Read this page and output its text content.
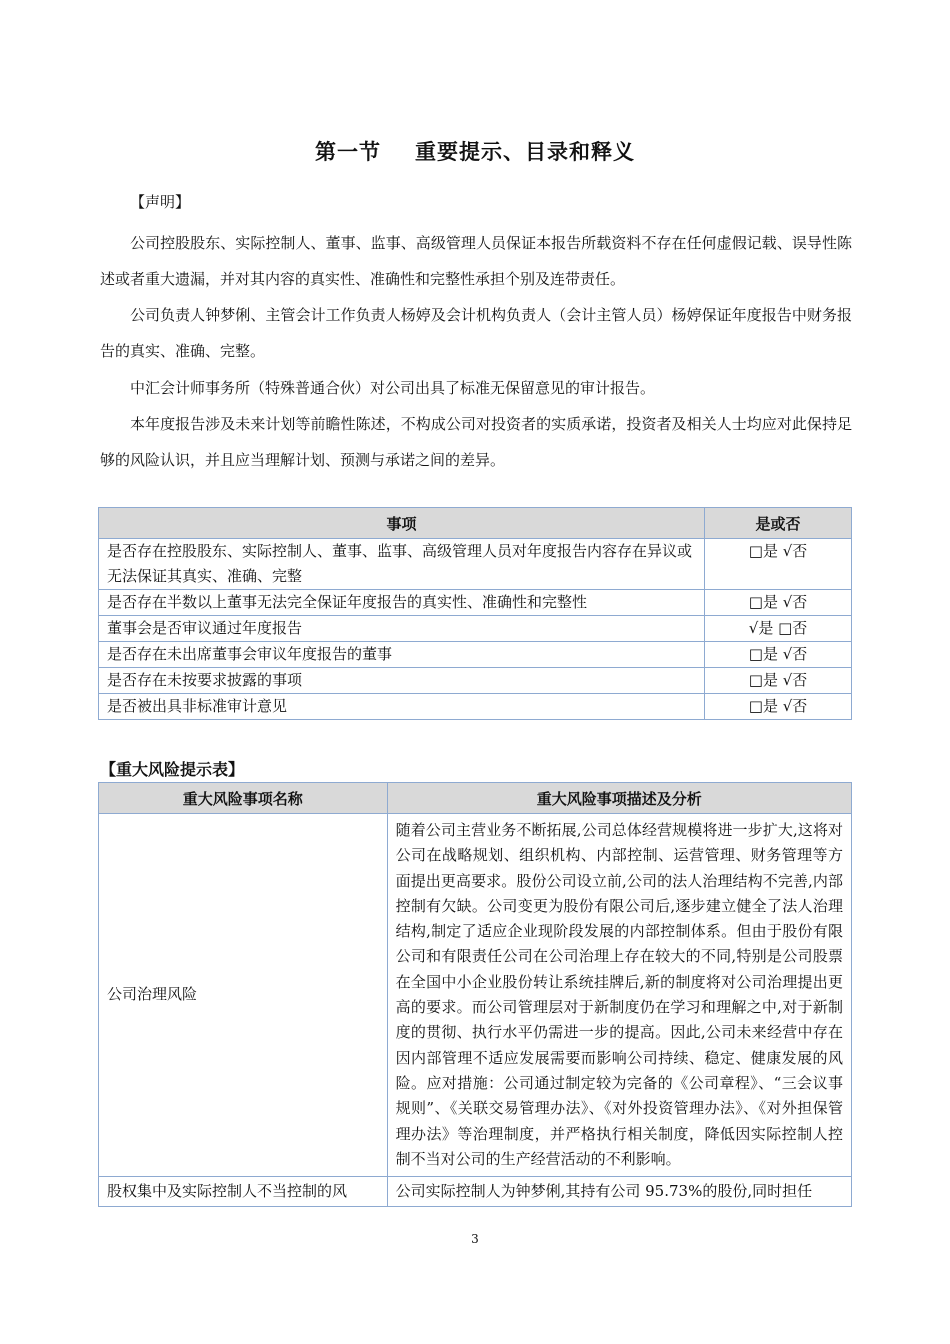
第一节 重要提示、目录和释义
【声明】
公司控股股东、实际控制人、董事、监事、高级管理人员保证本报告所载资料不存在任何虚假记载、误导性陈述或者重大遗漏，并对其内容的真实性、准确性和完整性承担个别及连带责任。
公司负责人钟梦俐、主管会计工作负责人杨婷及会计机构负责人（会计主管人员）杨婷保证年度报告中财务报告的真实、准确、完整。
中汇会计师事务所（特殊普通合伙）对公司出具了标准无保留意见的审计报告。
本年度报告涉及未来计划等前瞻性陈述，不构成公司对投资者的实质承诺，投资者及相关人士均应对此保持足够的风险认识，并且应当理解计划、预测与承诺之间的差异。
事项	是或否
是否存在控股股东、实际控制人、董事、监事、高级管理人员对年度报告内容存在异议或无法保证其真实、准确、完整	□是 √否
是否存在半数以上董事无法完全保证年度报告的真实性、准确性和完整性	□是 √否
董事会是否审议通过年度报告	√是 □否
是否存在未出席董事会审议年度报告的董事	□是 √否
是否存在未按要求披露的事项	□是 √否
是否被出具非标准审计意见	□是 √否
【重大风险提示表】
重大风险事项名称	重大风险事项描述及分析
公司治理风险	随着公司主营业务不断拓展,公司总体经营规模将进一步扩大,这将对公司在战略规划、组织机构、内部控制、运营管理、财务管理等方面提出更高要求。股份公司设立前,公司的法人治理结构不完善,内部控制有欠缺。公司变更为股份有限公司后,逐步建立健全了法人治理结构,制定了适应企业现阶段发展的内部控制体系。但由于股份有限公司和有限责任公司在公司治理上存在较大的不同,特别是公司股票在全国中小企业股份转让系统挂牌后,新的制度将对公司治理提出更高的要求。而公司管理层对于新制度仍在学习和理解之中,对于新制度的贯彻、执行水平仍需进一步的提高。因此,公司未来经营中存在因内部管理不适应发展需要而影响公司持续、稳定、健康发展的风险。应对措施：公司通过制定较为完备的《公司章程》、“三会议事规则”、《关联交易管理办法》、《对外投资管理办法》、《对外担保管理办法》等治理制度，并严格执行相关制度，降低因实际控制人控制不当对公司的生产经营活动的不利影响。
股权集中及实际控制人不当控制的风	公司实际控制人为钟梦俐,其持有公司 95.73%的股份,同时担任
3
